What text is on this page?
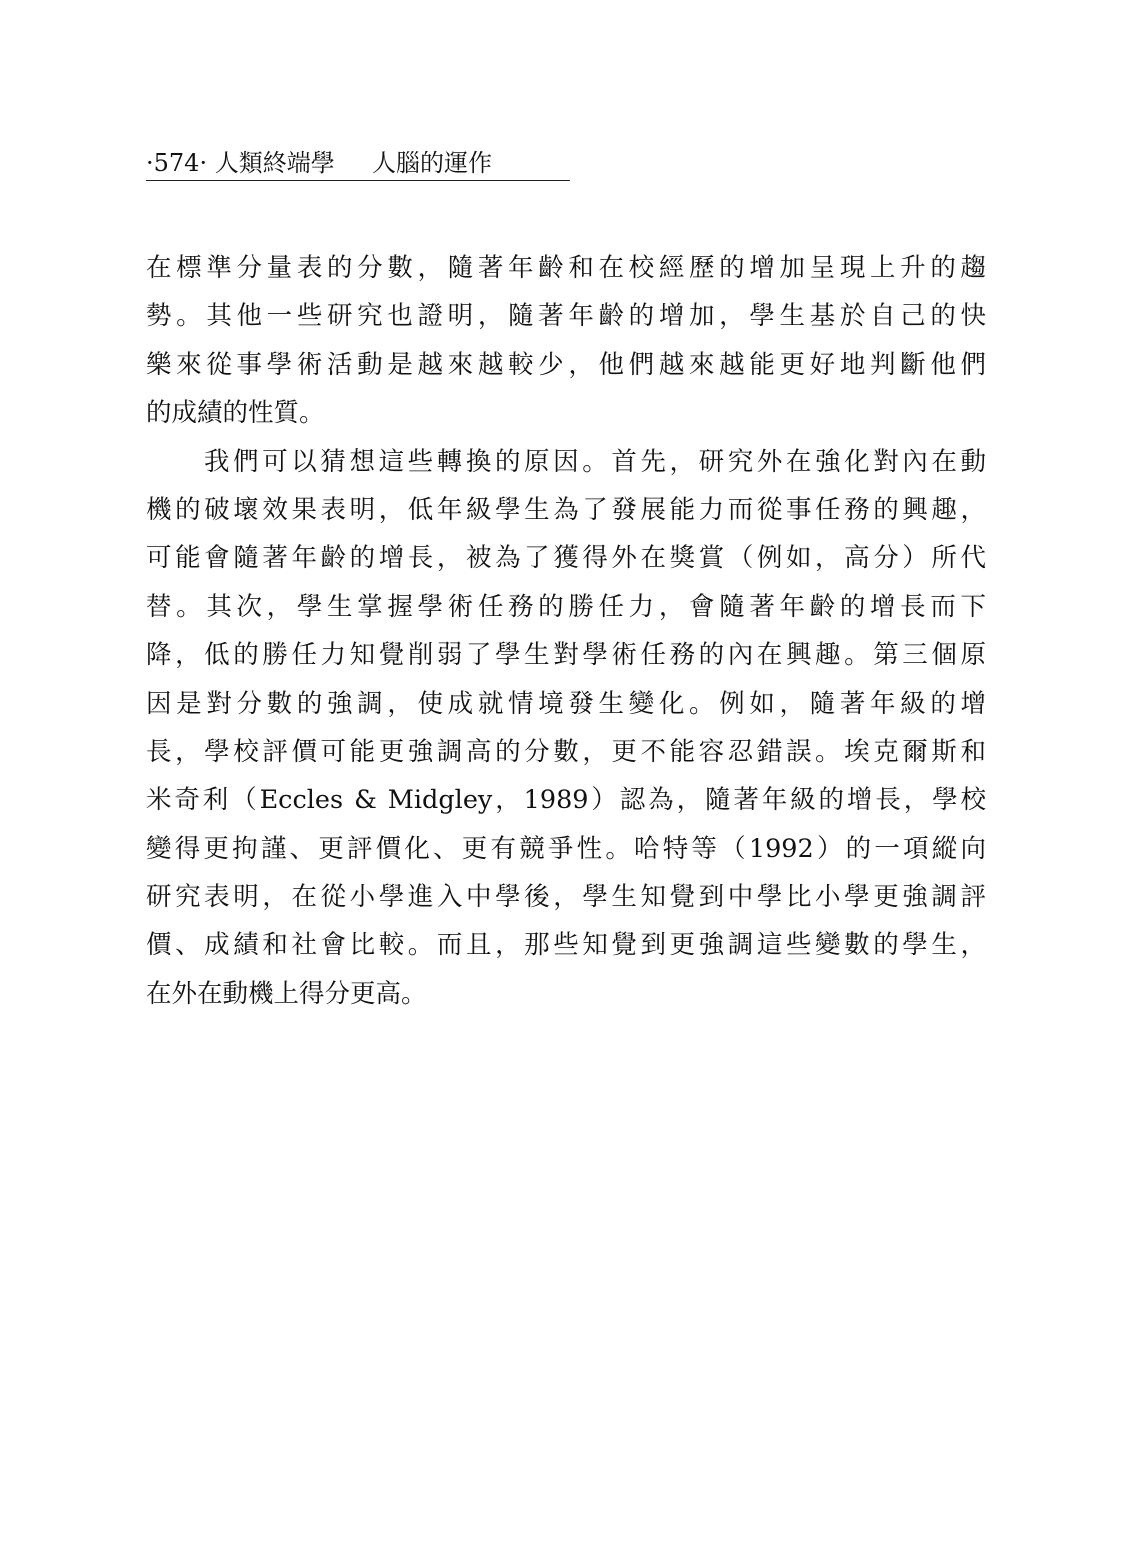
·574· 人類終端學 人腦的運作
在標準分量表的分數，隨著年齡和在校經歷的增加呈現上升的趨
勢。其他一些研究也證明，隨著年齡的增加，學生基於自己的快
樂來從事學術活動是越來越較少，他們越來越能更好地判斷他們
的成績的性質。
我們可以猜想這些轉換的原因。首先，研究外在強化對內在動
機的破壞效果表明，低年級學生為了發展能力而從事任務的興趣，
可能會隨著年齡的增長，被為了獲得外在獎賞（例如，高分）所代
替。其次，學生掌握學術任務的勝任力，會隨著年齡的增長而下
降，低的勝任力知覺削弱了學生對學術任務的內在興趣。第三個原
因是對分數的強調，使成就情境發生變化。例如，隨著年級的增
長，學校評價可能更強調高的分數，更不能容忍錯誤。埃克爾斯和
米奇利（Eccles & Midgley，1989）認為，隨著年級的增長，學校
變得更拘謹、更評價化、更有競爭性。哈特等（1992）的一項縱向
研究表明，在從小學進入中學後，學生知覺到中學比小學更強調評
價、成績和社會比較。而且，那些知覺到更強調這些變數的學生，
在外在動機上得分更高。
